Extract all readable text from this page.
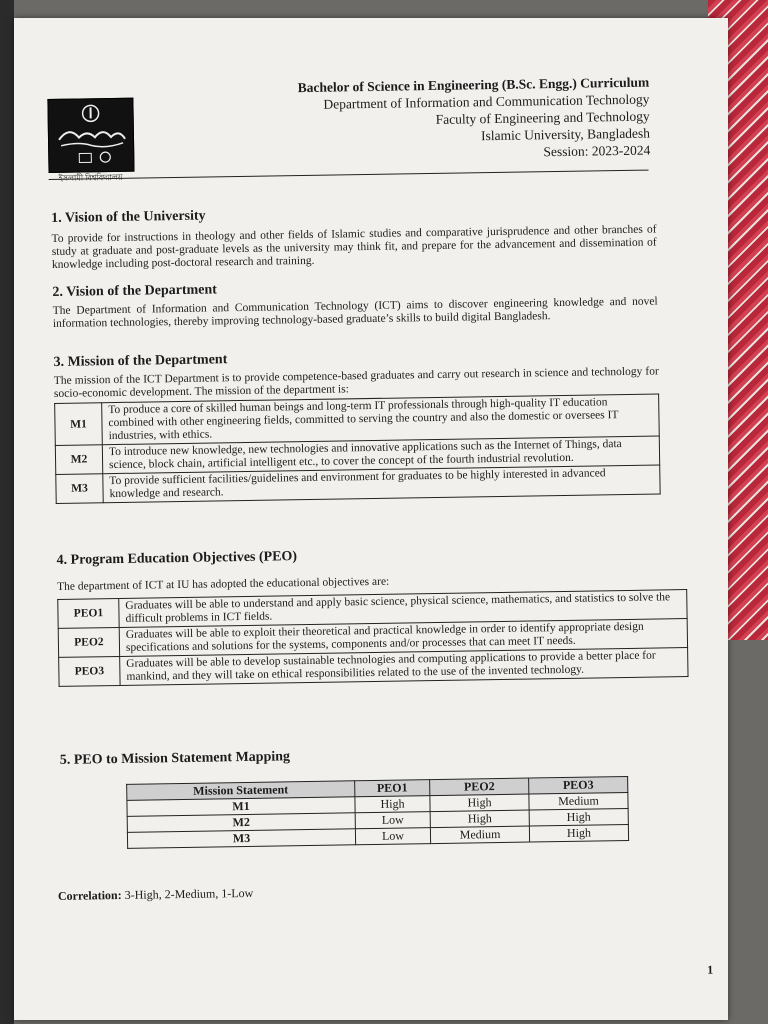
Bachelor of Science in Engineering (B.Sc. Engg.) Curriculum
Department of Information and Communication Technology
Faculty of Engineering and Technology
Islamic University, Bangladesh
Session: 2023-2024
1. Vision of the University
To provide for instructions in theology and other fields of Islamic studies and comparative jurisprudence and other branches of study at graduate and post-graduate levels as the university may think fit, and prepare for the advancement and dissemination of knowledge including post-doctoral research and training.
2. Vision of the Department
The Department of Information and Communication Technology (ICT) aims to discover engineering knowledge and novel information technologies, thereby improving technology-based graduate’s skills to build digital Bangladesh.
3. Mission of the Department
The mission of the ICT Department is to provide competence-based graduates and carry out research in science and technology for socio-economic development. The mission of the department is:
M1	To produce a core of skilled human beings and long-term IT professionals through high-quality IT education combined with other engineering fields, committed to serving the country and also the domestic or oversees IT industries, with ethics.
M2	To introduce new knowledge, new technologies and innovative applications such as the Internet of Things, data science, block chain, artificial intelligent etc., to cover the concept of the fourth industrial revolution.
M3	To provide sufficient facilities/guidelines and environment for graduates to be highly interested in advanced knowledge and research.
4. Program Education Objectives (PEO)
The department of ICT at IU has adopted the educational objectives are:
PEO1	Graduates will be able to understand and apply basic science, physical science, mathematics, and statistics to solve the difficult problems in ICT fields.
PEO2	Graduates will be able to exploit their theoretical and practical knowledge in order to identify appropriate design specifications and solutions for the systems, components and/or processes that can meet IT needs.
PEO3	Graduates will be able to develop sustainable technologies and computing applications to provide a better place for mankind, and they will take on ethical responsibilities related to the use of the invented technology.
5. PEO to Mission Statement Mapping
Mission Statement	PEO1	PEO2	PEO3
M1	High	High	Medium
M2	Low	High	High
M3	Low	Medium	High
Correlation: 3-High, 2-Medium, 1-Low
1
